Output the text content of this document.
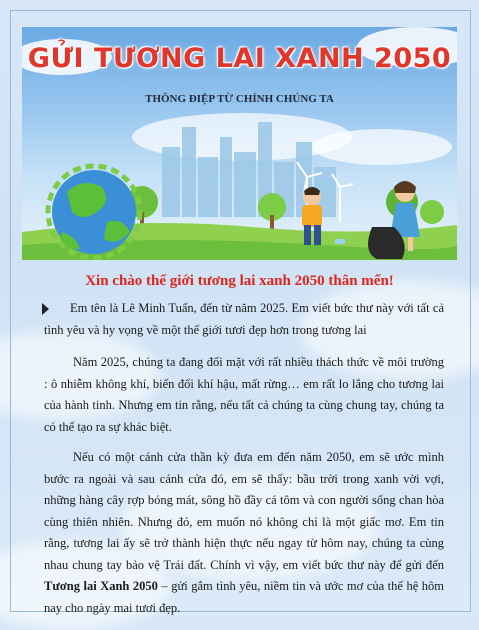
GỬI TƯƠNG LAI XANH 2050
THÔNG ĐIỆP TỪ CHÍNH CHÚNG TA
Xin chào thế giới tương lai xanh 2050 thân mến!
Em tên là Lê Minh Tuấn, đến từ năm 2025. Em viết bức thư này với tất cả tình yêu và hy vọng về một thế giới tươi đẹp hơn trong tương lai
Năm 2025, chúng ta đang đối mặt với rất nhiều thách thức về môi trường : ô nhiễm không khí, biến đổi khí hậu, mất rừng… em rất lo lắng cho tương lai của hành tinh. Nhưng em tin rằng, nếu tất cả chúng ta cùng chung tay, chúng ta có thể tạo ra sự khác biệt.
Nếu có một cánh cửa thần kỳ đưa em đến năm 2050, em sẽ ước mình bước ra ngoài và sau cánh cửa đó, em sẽ thấy: bầu trời trong xanh vời vợi, những hàng cây rợp bóng mát, sông hồ đầy cá tôm và con người sống chan hòa cùng thiên nhiên. Nhưng đó, em muốn nó không chỉ là một giấc mơ. Em tin rằng, tương lai ấy sẽ trở thành hiện thực nếu ngay từ hôm nay, chúng ta cùng nhau chung tay bảo vệ Trái đất. Chính vì vậy, em viết bức thư này để gửi đến Tương lai Xanh 2050 – gửi gắm tình yêu, niềm tin và ước mơ của thế hệ hôm nay cho ngày mai tươi đẹp.
